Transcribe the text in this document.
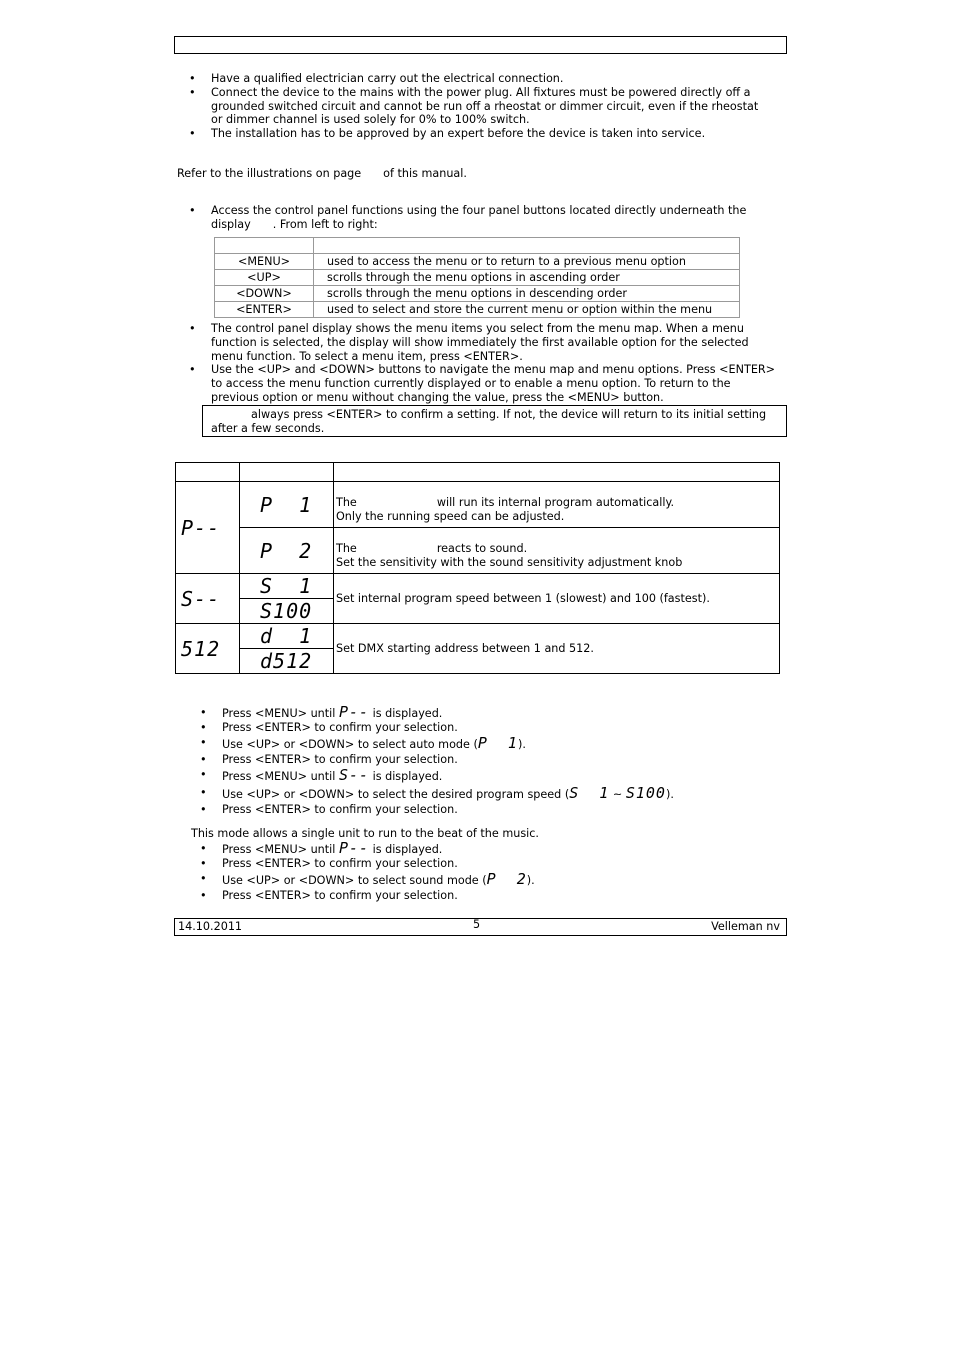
• Have a qualified electrician carry out the electrical connection.
• Connect the device to the mains with the power plug. All fixtures must be powered directly off a grounded switched circuit and cannot be run off a rheostat or dimmer circuit, even if the rheostat or dimmer channel is used solely for 0% to 100% switch.
• The installation has to be approved by an expert before the device is taken into service.
Refer to the illustrations on page of this manual.
• Access the control panel functions using the four panel buttons located directly underneath the display . From left to right:

<MENU>	used to access the menu or to return to a previous menu option
<UP>	scrolls through the menu options in ascending order
<DOWN>	scrolls through the menu options in descending order
<ENTER>	used to select and store the current menu or option within the menu
• The control panel display shows the menu items you select from the menu map. When a menu function is selected, the display will show immediately the first available option for the selected menu function. To select a menu item, press <ENTER>.
• Use the <UP> and <DOWN> buttons to navigate the menu map and menu options. Press <ENTER> to access the menu function currently displayed or to enable a menu option. To return to the previous option or menu without changing the value, press the <MENU> button.
always press <ENTER> to confirm a setting. If not, the device will return to its initial setting after a few seconds.

P--	P  1	The will run its internal program automatically.
Only the running speed can be adjusted.
	P  2	The reacts to sound.
Set the sensitivity with the sound sensitivity adjustment knob
S--	S  1	Set internal program speed between 1 (slowest) and 100 (fastest).
	S100	
512	d  1	Set DMX starting address between 1 and 512.
	d512	
• Press <MENU> until P-- is displayed.
• Press <ENTER> to confirm your selection.
• Use <UP> or <DOWN> to select auto mode (P  1).
• Press <ENTER> to confirm your selection.
• Press <MENU> until S-- is displayed.
• Use <UP> or <DOWN> to select the desired program speed (S  1 ~ S100).
• Press <ENTER> to confirm your selection.
This mode allows a single unit to run to the beat of the music.
• Press <MENU> until P-- is displayed.
• Press <ENTER> to confirm your selection.
• Use <UP> or <DOWN> to select sound mode (P  2).
• Press <ENTER> to confirm your selection.
14.10.2011	5	Velleman nv
